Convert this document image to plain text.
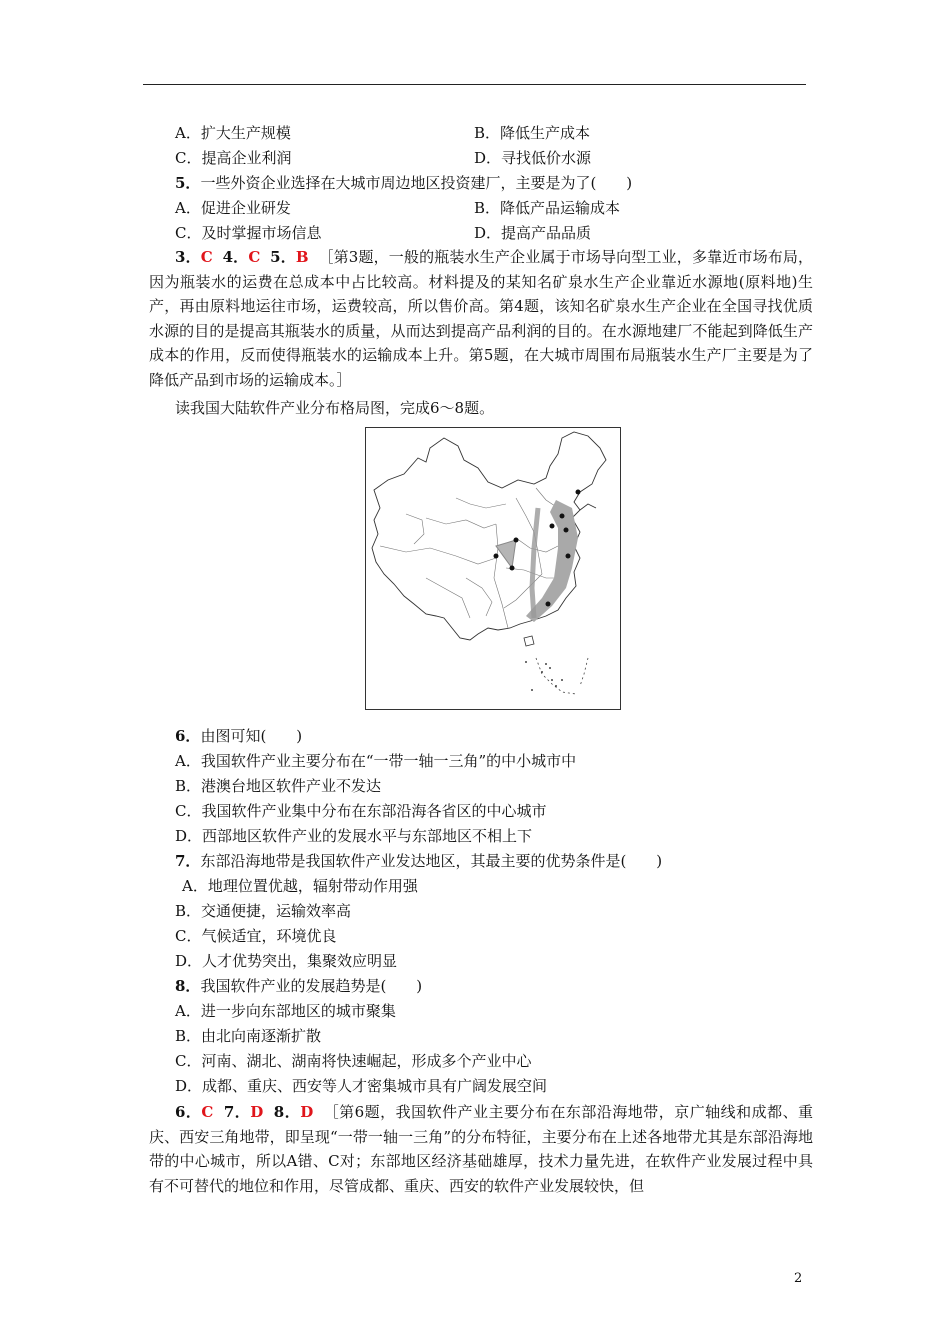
A．扩大生产规模	B．降低生产成本
C．提高企业利润	D．寻找低价水源
5．一些外资企业选择在大城市周边地区投资建厂，主要是为了(　　)
A．促进企业研发	B．降低产品运输成本
C．及时掌握市场信息	D．提高产品品质
3．C 4．C 5．B ［第3题，一般的瓶装水生产企业属于市场导向型工业，多靠近市场布局，因为瓶装水的运费在总成本中占比较高。材料提及的某知名矿泉水生产企业靠近水源地(原料地)生产，再由原料地运往市场，运费较高，所以售价高。第4题，该知名矿泉水生产企业在全国寻找优质水源的目的是提高其瓶装水的质量，从而达到提高产品利润的目的。在水源地建厂不能起到降低生产成本的作用，反而使得瓶装水的运输成本上升。第5题，在大城市周围布局瓶装水生产厂主要是为了降低产品到市场的运输成本。］
读我国大陆软件产业分布格局图，完成6～8题。
6．由图可知(　　)
A．我国软件产业主要分布在“一带一轴一三角”的中小城市中
B．港澳台地区软件产业不发达
C．我国软件产业集中分布在东部沿海各省区的中心城市
D．西部地区软件产业的发展水平与东部地区不相上下
7．东部沿海地带是我国软件产业发达地区，其最主要的优势条件是(　　)
A．地理位置优越，辐射带动作用强
B．交通便捷，运输效率高
C．气候适宜，环境优良
D．人才优势突出，集聚效应明显
8．我国软件产业的发展趋势是(　　)
A．进一步向东部地区的城市聚集
B．由北向南逐渐扩散
C．河南、湖北、湖南将快速崛起，形成多个产业中心
D．成都、重庆、西安等人才密集城市具有广阔发展空间
6．C 7．D 8．D ［第6题，我国软件产业主要分布在东部沿海地带，京广轴线和成都、重庆、西安三角地带，即呈现“一带一轴一三角”的分布特征，主要分布在上述各地带尤其是东部沿海地带的中心城市，所以A错、C对；东部地区经济基础雄厚，技术力量先进，在软件产业发展过程中具有不可替代的地位和作用，尽管成都、重庆、西安的软件产业发展较快，但
2
